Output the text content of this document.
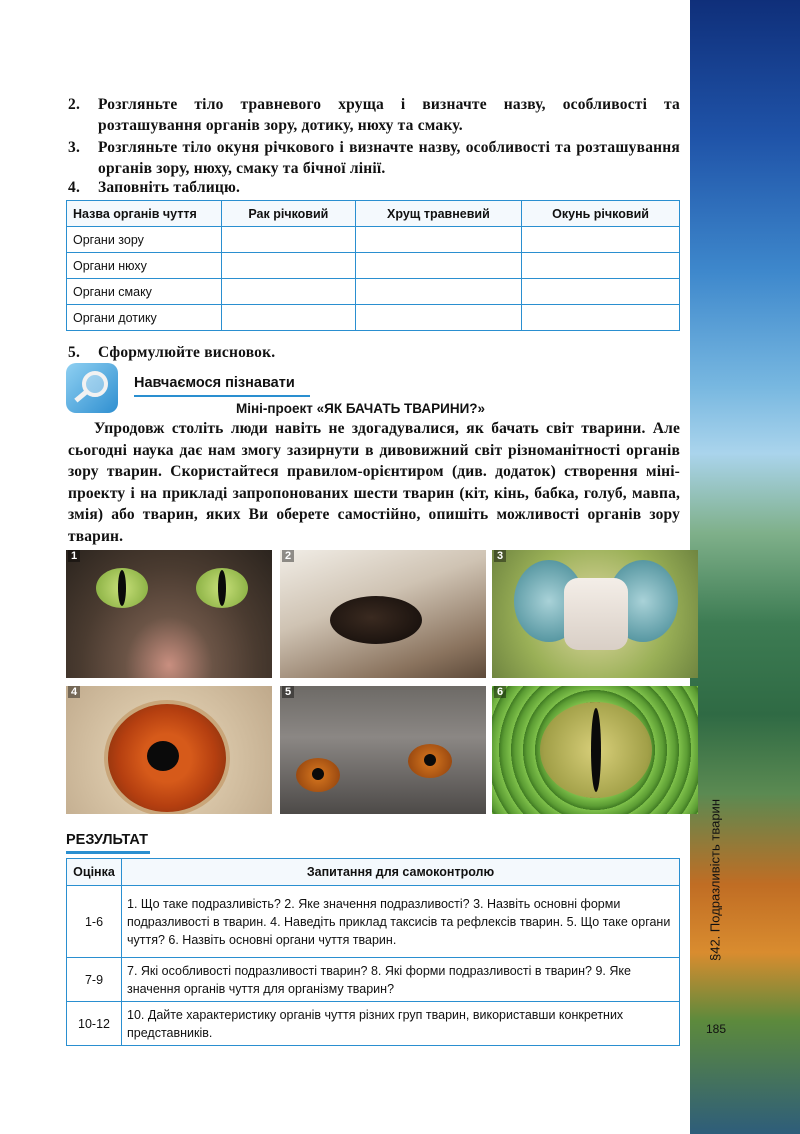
§42. Подразливість тварин
185
2.	Розгляньте тіло травневого хруща і визначте назву, особливості та розташування органів зору, дотику, нюху та смаку.
3.	Розгляньте тіло окуня річкового і визначте назву, особливості та розташування органів зору, нюху, смаку та бічної лінії.
4.	Заповніть таблицю.
Назва органів чуття	Рак річковий	Хрущ травневий	Окунь річковий
Органи зору			
Органи нюху			
Органи смаку			
Органи дотику			
5.	Сформулюйте висновок.
Навчаємося пізнавати
Міні-проект «ЯК БАЧАТЬ ТВАРИНИ?»

Упродовж століть люди навіть не здогадувалися, як бачать світ тварини. Але сьогодні наука дає нам змогу зазирнути в дивовижний світ різноманітності органів зору тварин. Скористайтеся правилом-орієнтиром (див. додаток) створення міні-проекту і на прикладі запропонованих шести тварин (кіт, кінь, бабка, голуб, мавпа, змія) або тварин, яких Ви оберете самостійно, опишіть можливості органів зору тварин.

1	2	3
4	5	6
РЕЗУЛЬТАТ
Оцінка	Запитання для самоконтролю
1-6	1. Що таке подразливість? 2. Яке значення подразливості? 3. Назвіть основні форми подразливості в тварин. 4. Наведіть приклад таксисів та рефлексів тварин. 5. Що таке органи чуття? 6. Назвіть основні органи чуття тварин.
7-9	7. Які особливості подразливості тварин? 8. Які форми подразливості в тварин? 9. Яке значення органів чуття для організму тварин?
10-12	10. Дайте характеристику органів чуття різних груп тварин, використавши конкретних представників.
